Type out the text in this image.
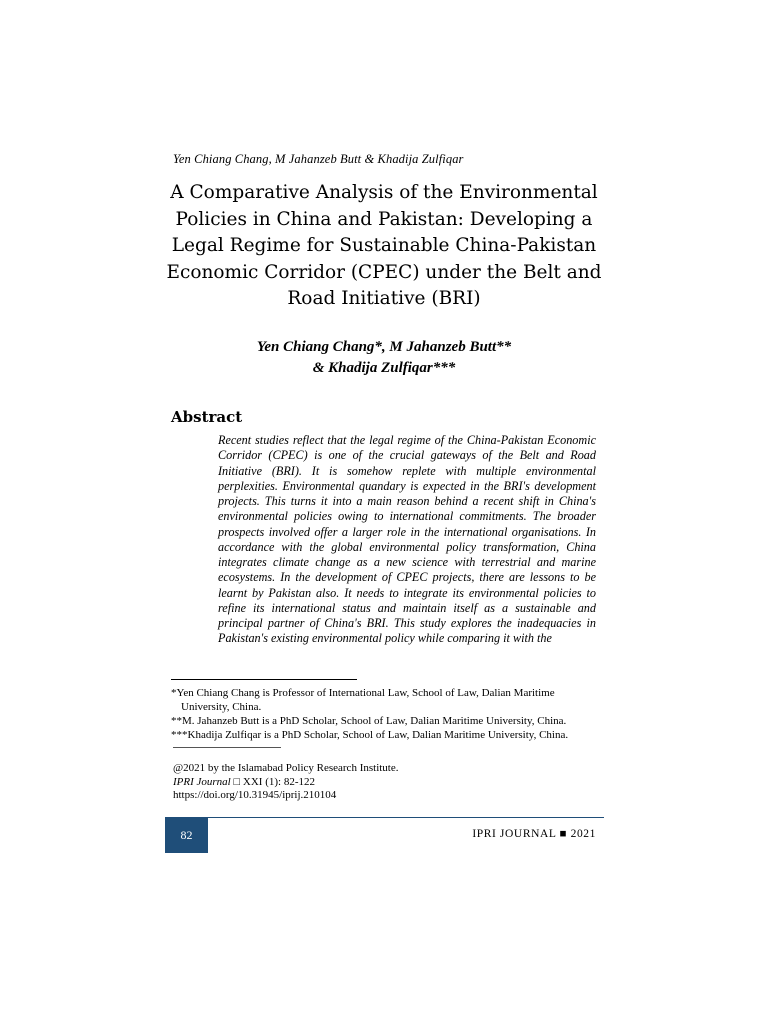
Yen Chiang Chang, M Jahanzeb Butt & Khadija Zulfiqar
A Comparative Analysis of the Environmental Policies in China and Pakistan: Developing a Legal Regime for Sustainable China-Pakistan Economic Corridor (CPEC) under the Belt and Road Initiative (BRI)
Yen Chiang Chang*, M Jahanzeb Butt**
& Khadija Zulfiqar***
Abstract

Recent studies reflect that the legal regime of the China-Pakistan Economic Corridor (CPEC) is one of the crucial gateways of the Belt and Road Initiative (BRI). It is somehow replete with multiple environmental perplexities. Environmental quandary is expected in the BRI's development projects. This turns it into a main reason behind a recent shift in China's environmental policies owing to international commitments. The broader prospects involved offer a larger role in the international organisations. In accordance with the global environmental policy transformation, China integrates climate change as a new science with terrestrial and marine ecosystems. In the development of CPEC projects, there are lessons to be learnt by Pakistan also. It needs to integrate its environmental policies to refine its international status and maintain itself as a sustainable and principal partner of China's BRI. This study explores the inadequacies in Pakistan's existing environmental policy while comparing it with the

*Yen Chiang Chang is Professor of International Law, School of Law, Dalian Maritime University, China.

**M. Jahanzeb Butt is a PhD Scholar, School of Law, Dalian Maritime University, China.

***Khadija Zulfiqar is a PhD Scholar, School of Law, Dalian Maritime University, China.

@2021 by the Islamabad Policy Research Institute.
IPRI Journal □ XXI (1): 82-122
https://doi.org/10.31945/iprij.210104
82	IPRI JOURNAL ■ 2021
